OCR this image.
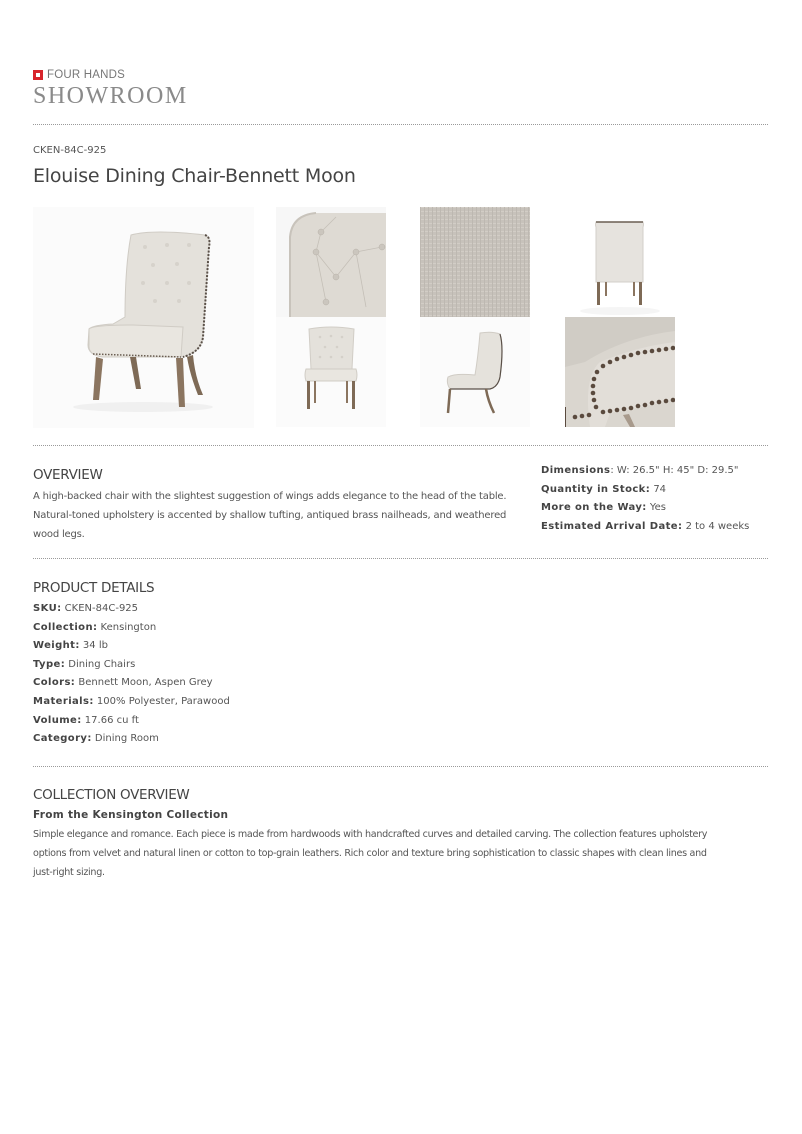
FOUR HANDS
SHOWROOM
CKEN-84C-925
Elouise Dining Chair-Bennett Moon
OVERVIEW
A high-backed chair with the slightest suggestion of wings adds elegance to the head of the table.
Natural-toned upholstery is accented by shallow tufting, antiqued brass nailheads, and weathered
wood legs.
Dimensions: W: 26.5" H: 45" D: 29.5"
Quantity in Stock: 74
More on the Way: Yes
Estimated Arrival Date: 2 to 4 weeks
PRODUCT DETAILS
SKU: CKEN-84C-925
Collection: Kensington
Weight: 34 lb
Type: Dining Chairs
Colors: Bennett Moon, Aspen Grey
Materials: 100% Polyester, Parawood
Volume: 17.66 cu ft
Category: Dining Room
COLLECTION OVERVIEW
From the Kensington Collection
Simple elegance and romance. Each piece is made from hardwoods with handcrafted curves and detailed carving. The collection features upholstery
options from velvet and natural linen or cotton to top-grain leathers. Rich color and texture bring sophistication to classic shapes with clean lines and
just-right sizing.
